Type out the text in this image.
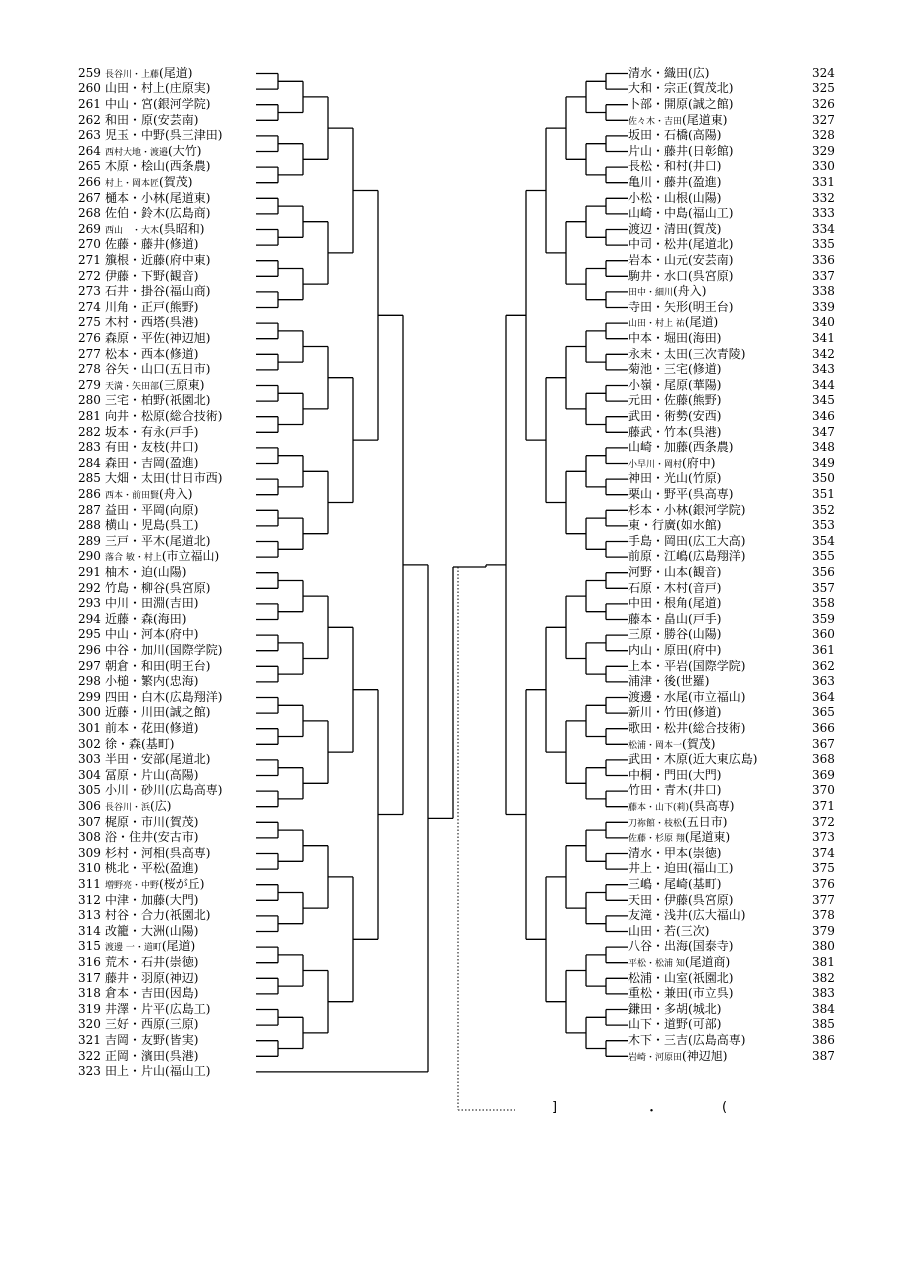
259 長谷川・上藤(尾道)
260 山田・村上(庄原実)
261 中山・宮(銀河学院)
262 和田・原(安芸南)
263 児玉・中野(呉三津田)
264 西村大地・渡邉(大竹)
265 木原・桧山(西条農)
266 村上・岡本匠(賀茂)
267 樋本・小林(尾道東)
268 佐伯・鈴木(広島商)
269 西山　・大木(呉昭和)
270 佐藤・藤井(修道)
271 籏根・近藤(府中東)
272 伊藤・下野(観音)
273 石井・掛谷(福山商)
274 川角・正戸(熊野)
275 木村・西塔(呉港)
276 森原・平佐(神辺旭)
277 松本・西本(修道)
278 谷矢・山口(五日市)
279 天満・矢田部(三原東)
280 三宅・柏野(祇園北)
281 向井・松原(総合技術)
282 坂本・有永(戸手)
283 有田・友枝(井口)
284 森田・吉岡(盈進)
285 大畑・太田(廿日市西)
286 西本・前田賢(舟入)
287 益田・平岡(向原)
288 横山・児島(呉工)
289 三戸・平木(尾道北)
290 落合 敏・村上(市立福山)
291 柚木・迫(山陽)
292 竹島・柳谷(呉宮原)
293 中川・田淵(吉田)
294 近藤・森(海田)
295 中山・河本(府中)
296 中谷・加川(国際学院)
297 朝倉・和田(明王台)
298 小槌・繁内(忠海)
299 四田・白木(広島翔洋)
300 近藤・川田(誠之館)
301 前本・花田(修道)
302 徐・森(基町)
303 半田・安部(尾道北)
304 冨原・片山(高陽)
305 小川・砂川(広島高専)
306 長谷川・浜(広)
307 梶原・市川(賀茂)
308 浴・住井(安古市)
309 杉村・河相(呉高専)
310 桃北・平松(盈進)
311 増野亮・中野(桜が丘)
312 中津・加藤(大門)
313 村谷・合力(祇園北)
314 改籠・大洲(山陽)
315 渡邊 一・道町(尾道)
316 荒木・石井(崇徳)
317 藤井・羽原(神辺)
318 倉本・吉田(因島)
319 井澤・片平(広島工)
320 三好・西原(三原)
321 吉岡・友野(皆実)
322 正岡・濱田(呉港)
323 田上・片山(福山工)
清水・織田(広)	324
大和・宗正(賀茂北)	325
卜部・開原(誠之館)	326
佐々木・吉田(尾道東)	327
坂田・石橋(高陽)	328
片山・藤井(日彰館)	329
長松・和村(井口)	330
亀川・藤井(盈進)	331
小松・山根(山陽)	332
山崎・中島(福山工)	333
渡辺・清田(賀茂)	334
中司・松井(尾道北)	335
岩本・山元(安芸南)	336
駒井・水口(呉宮原)	337
田中・細川(舟入)	338
寺田・矢形(明王台)	339
山田・村上 祐(尾道)	340
中本・堀田(海田)	341
永末・太田(三次青陵)	342
菊池・三宅(修道)	343
小嶺・尾原(華陽)	344
元田・佐藤(熊野)	345
武田・術勢(安西)	346
藤武・竹本(呉港)	347
山崎・加藤(西条農)	348
小早川・岡村(府中)	349
神田・光山(竹原)	350
栗山・野平(呉高専)	351
杉本・小林(銀河学院)	352
東・行廣(如水館)	353
手島・岡田(広工大高)	354
前原・江嶋(広島翔洋)	355
河野・山本(観音)	356
石原・木村(音戸)	357
中田・根角(尾道)	358
藤本・畠山(戸手)	359
三原・勝谷(山陽)	360
内山・原田(府中)	361
上本・平岩(国際学院)	362
浦津・後(世羅)	363
渡邊・水尾(市立福山)	364
新川・竹田(修道)	365
歌田・松井(総合技術)	366
松浦・岡本一(賀茂)	367
武田・木原(近大東広島)	368
中桐・門田(大門)	369
竹田・青木(井口)	370
藤本・山下(莉)(呉高専)	371
刀祢館・枝松(五日市)	372
佐藤・杉原 翔(尾道東)	373
清水・甲本(崇徳)	374
井上・迫田(福山工)	375
三嶋・尾崎(基町)	376
天田・伊藤(呉宮原)	377
友滝・浅井(広大福山)	378
山田・若(三次)	379
八谷・出海(国泰寺)	380
平松・松浦 知(尾道商)	381
松浦・山室(祇園北)	382
重松・兼田(市立呉)	383
鎌田・多胡(城北)	384
山下・道野(可部)	385
木下・三吉(広島高専)	386
岩崎・河原田(神辺旭)	387
]	・	(
